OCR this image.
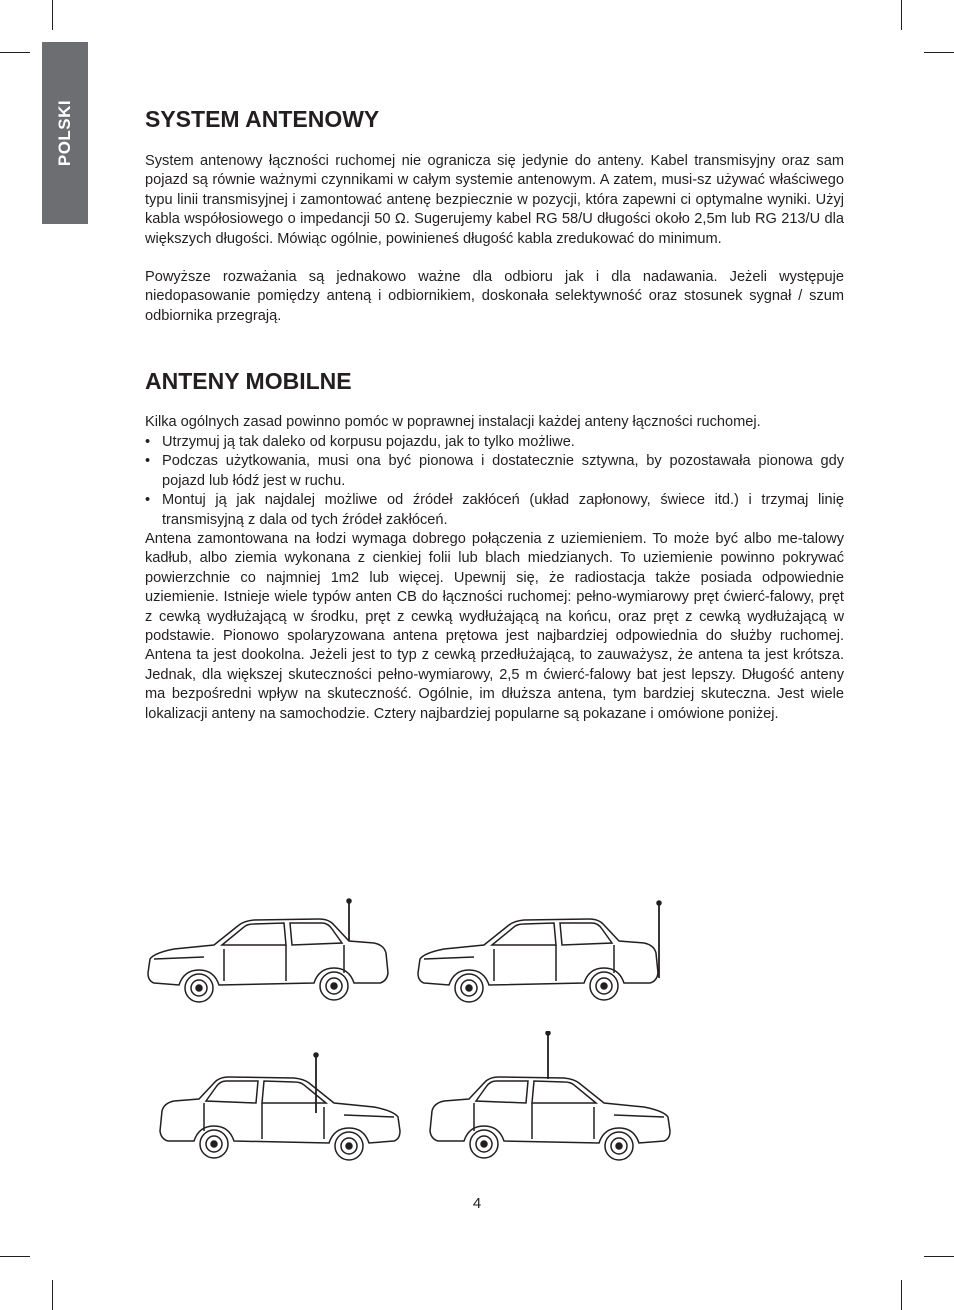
POLSKI	SYSTEM ANTENOWY

System antenowy łączności ruchomej nie ogranicza się jedynie do anteny. Kabel transmisyjny oraz sam pojazd są równie ważnymi czynnikami w całym systemie antenowym. A zatem, musi-sz używać właściwego typu linii transmisyjnej i zamontować antenę bezpiecznie w pozycji, która zapewni ci optymalne wyniki. Użyj kabla współosiowego o impedancji 50 Ω. Sugerujemy kabel RG 58/U długości około 2,5m lub RG 213/U dla większych długości. Mówiąc ogólnie, powinieneś długość kabla zredukować do minimum.

Powyższe rozważania są jednakowo ważne dla odbioru jak i dla nadawania. Jeżeli występuje niedopasowanie pomiędzy anteną i odbiornikiem, doskonała selektywność oraz stosunek sygnał / szum odbiornika przegrają.

ANTENY MOBILNE

Kilka ogólnych zasad powinno pomóc w poprawnej instalacji każdej anteny łączności ruchomej.

• Utrzymuj ją tak daleko od korpusu pojazdu, jak to tylko możliwe.
• Podczas użytkowania, musi ona być pionowa i dostatecznie sztywna, by pozostawała pionowa gdy pojazd lub łódź jest w ruchu.
• Montuj ją jak najdalej możliwe od źródeł zakłóceń (układ zapłonowy, świece itd.) i trzymaj linię transmisyjną z dala od tych źródeł zakłóceń.

Antena zamontowana na łodzi wymaga dobrego połączenia z uziemieniem. To może być albo me-talowy kadłub, albo ziemia wykonana z cienkiej folii lub blach miedzianych. To uziemienie powinno pokrywać powierzchnie co najmniej 1m2 lub więcej. Upewnij się, że radiostacja także posiada odpowiednie uziemienie. Istnieje wiele typów anten CB do łączności ruchomej: pełno-wymiarowy pręt ćwierć-falowy, pręt z cewką wydłużającą w środku, pręt z cewką wydłużającą na końcu, oraz pręt z cewką wydłużającą w podstawie. Pionowo spolaryzowana antena prętowa jest najbardziej odpowiednia do służby ruchomej. Antena ta jest dookolna. Jeżeli jest to typ z cewką przedłużającą, to zauważysz, że antena ta jest krótsza. Jednak, dla większej skuteczności pełno-wymiarowy, 2,5 m ćwierć-falowy bat jest lepszy. Długość anteny ma bezpośredni wpływ na skuteczność. Ogólnie, im dłuższa antena, tym bardziej skuteczna. Jest wiele lokalizacji anteny na samochodzie. Cztery najbardziej popularne są pokazane i omówione poniżej.

4
